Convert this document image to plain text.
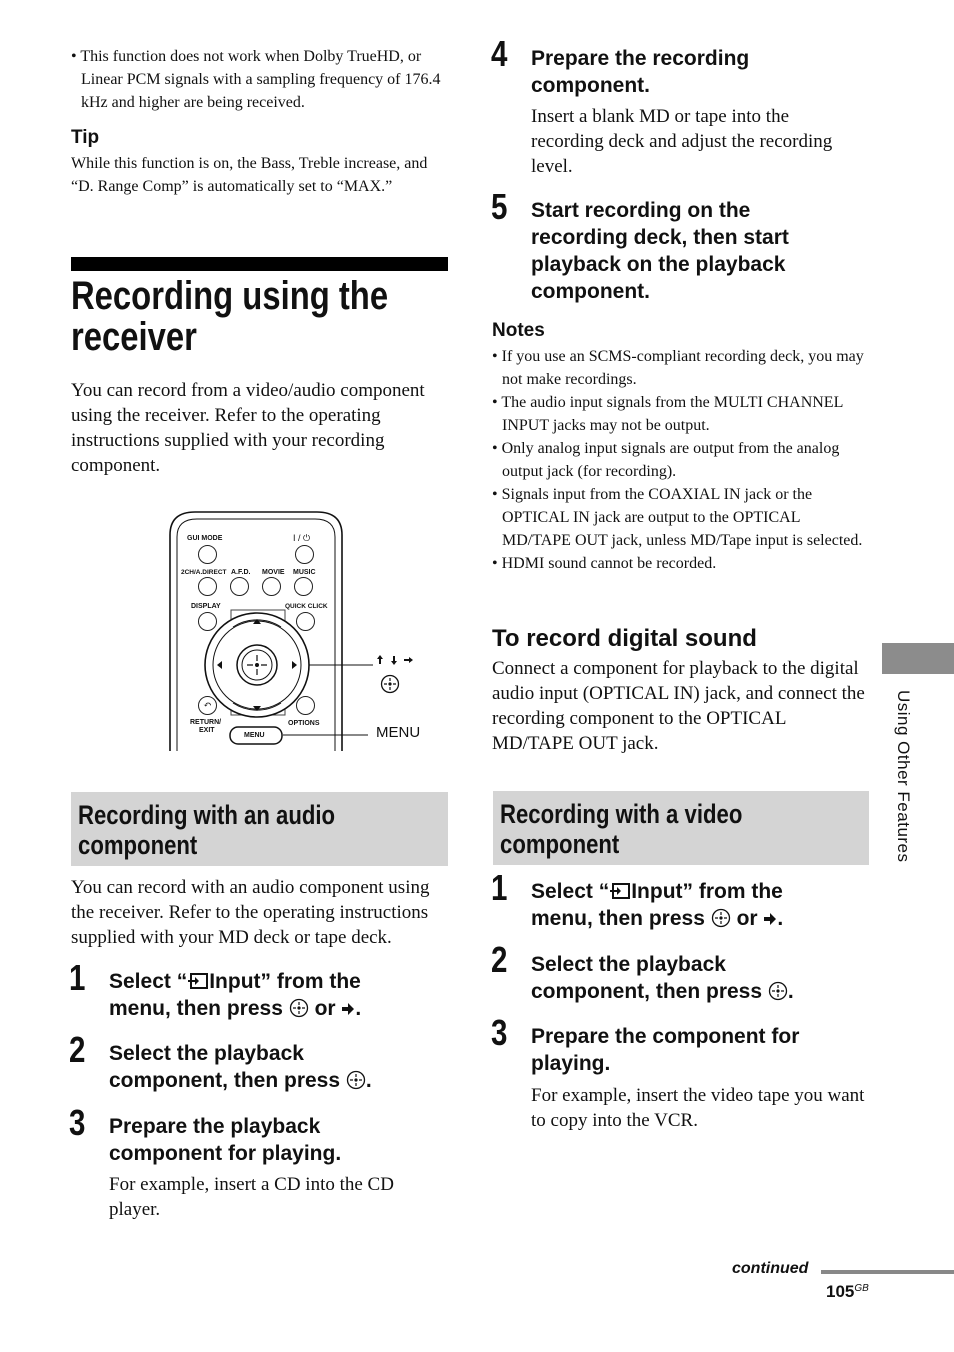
• This function does not work when Dolby TrueHD, or Linear PCM signals with a sampling frequency of 176.4 kHz and higher are being received.
Tip
While this function is on, the Bass, Treble increase, and “D. Range Comp” is automatically set to “MAX.”
Recording using the
receiver
You can record from a video/audio component using the receiver. Refer to the operating instructions supplied with your recording component.
GUI MODE	I / ⏻
2CH/A.DIRECT A.F.D. MOVIE MUSIC
DISPLAY	QUICK CLICK
↶
RETURN/
EXIT
OPTIONS
MENU	MENU
Recording with an audio
component
You can record with an audio component using the receiver. Refer to the operating instructions supplied with your MD deck or tape deck.
1 Select “ Input” from the
menu, then press or .
2 Select the playback
component, then press .
3 Prepare the playback
component for playing.
For example, insert a CD into the CD player.
4 Prepare the recording
component.
Insert a blank MD or tape into the recording deck and adjust the recording level.
5 Start recording on the
recording deck, then start
playback on the playback
component.
Notes
• If you use an SCMS-compliant recording deck, you may not make recordings.
• The audio input signals from the MULTI CHANNEL INPUT jacks may not be output.
• Only analog input signals are output from the analog output jack (for recording).
• Signals input from the COAXIAL IN jack or the OPTICAL IN jack are output to the OPTICAL MD/TAPE OUT jack, unless MD/Tape input is selected.
• HDMI sound cannot be recorded.
To record digital sound
Connect a component for playback to the digital audio input (OPTICAL IN) jack, and connect the recording component to the OPTICAL MD/TAPE OUT jack.
Recording with a video
component
1 Select “ Input” from the
menu, then press or .
2 Select the playback
component, then press .
3 Prepare the component for
playing.
For example, insert the video tape you want to copy into the VCR.
Using Other Features
continued
$105^{GB}$
